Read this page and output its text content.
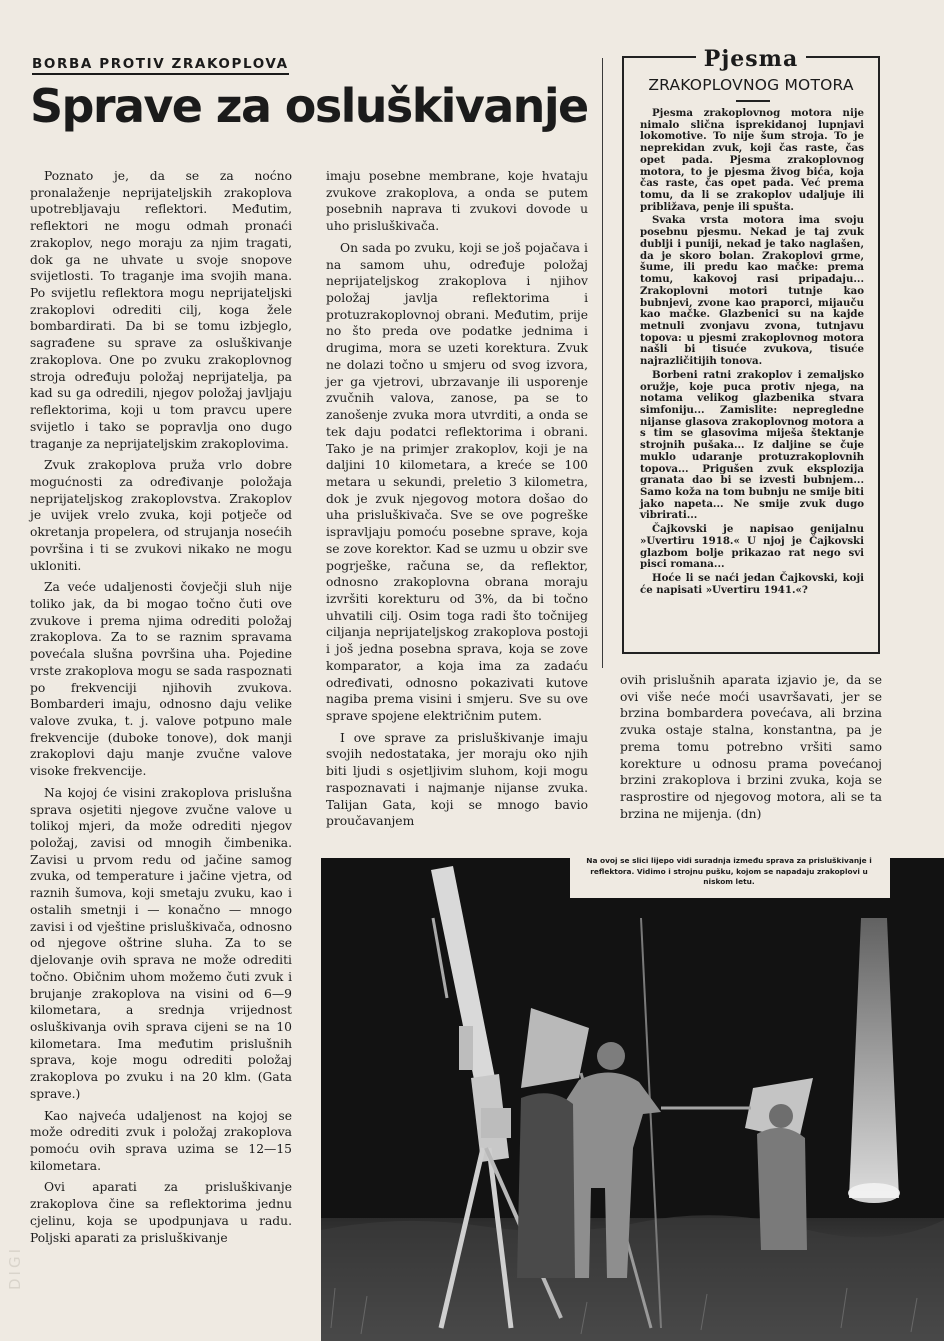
BORBA PROTIV ZRAKOPLOVA
Sprave za osluškivanje

Poznato je, da se za noćno pronalaženje neprijateljskih zrakoplova upotrebljavaju reflektori. Međutim, reflektori ne mogu odmah pronaći zrakoplov, nego moraju za njim tragati, dok ga ne uhvate u svoje snopove svijetlosti. To traganje ima svojih mana. Po svijetlu reflektora mogu neprijateljski zrakoplovi odrediti cilj, koga žele bombardirati. Da bi se tomu izbjeglo, sagrađene su sprave za osluškivanje zrakoplova. One po zvuku zrakoplovnog stroja određuju položaj neprijatelja, pa kad su ga odredili, njegov položaj javljaju reflektorima, koji u tom pravcu upere svijetlo i tako se popravlja ono dugo traganje za neprijateljskim zrakoplovima.

Zvuk zrakoplova pruža vrlo dobre mogućnosti za određivanje položaja neprijateljskog zrakoplovstva. Zrakoplov je uvijek vrelo zvuka, koji potječe od okretanja propelera, od strujanja nosećih površina i ti se zvukovi nikako ne mogu ukloniti.

Za veće udaljenosti čovječji sluh nije toliko jak, da bi mogao točno čuti ove zvukove i prema njima odrediti položaj zrakoplova. Za to se raznim spravama povećala slušna površina uha. Pojedine vrste zrakoplova mogu se sada raspoznati po frekvenciji njihovih zvukova. Bombarderi imaju, odnosno daju velike valove zvuka, t. j. valove potpuno male frekvencije (duboke tonove), dok manji zrakoplovi daju manje zvučne valove visoke frekvencije.

Na kojoj će visini zrakoplova prislušna sprava osjetiti njegove zvučne valove u tolikoj mjeri, da može odrediti njegov položaj, zavisi od mnogih čimbenika. Zavisi u prvom redu od jačine samog zvuka, od temperature i jačine vjetra, od raznih šumova, koji smetaju zvuku, kao i ostalih smetnji i — konačno — mnogo zavisi i od vještine prisluškivača, odnosno od njegove oštrine sluha. Za to se djelovanje ovih sprava ne može odrediti točno. Običnim uhom možemo čuti zvuk i brujanje zrakoplova na visini od 6—9 kilometara, a srednja vrijednost osluškivanja ovih sprava cijeni se na 10 kilometara. Ima međutim prislušnih sprava, koje mogu odrediti položaj zrakoplova po zvuku i na 20 klm. (Gata sprave.)

Kao najveća udaljenost na kojoj se može odrediti zvuk i položaj zrakoplova pomoću ovih sprava uzima se 12—15 kilometara.

Ovi aparati za prisluškivanje zrakoplova čine sa reflektorima jednu cjelinu, koja se upodpunjava u radu. Poljski aparati za prisluškivanje

imaju posebne membrane, koje hvataju zvukove zrakoplova, a onda se putem posebnih naprava ti zvukovi dovode u uho prisluškivača.

On sada po zvuku, koji se još pojačava i na samom uhu, određuje položaj neprijateljskog zrakoplova i njihov položaj javlja reflektorima i protuzrakoplovnoj obrani. Međutim, prije no što preda ove podatke jednima i drugima, mora se uzeti korektura. Zvuk ne dolazi točno u smjeru od svog izvora, jer ga vjetrovi, ubrzavanje ili usporenje zvučnih valova, zanose, pa se to zanošenje zvuka mora utvrditi, a onda se tek daju podatci reflektorima i obrani. Tako je na primjer zrakoplov, koji je na daljini 10 kilometara, a kreće se 100 metara u sekundi, preletio 3 kilometra, dok je zvuk njegovog motora došao do uha prisluškivača. Sve se ove pogreške ispravljaju pomoću posebne sprave, koja se zove korektor. Kad se uzmu u obzir sve pogrješke, računa se, da reflektor, odnosno zrakoplovna obrana moraju izvršiti korekturu od 3%, da bi točno uhvatili cilj. Osim toga radi što točnijeg ciljanja neprijateljskog zrakoplova postoji i još jedna posebna sprava, koja se zove komparator, a koja ima za zadaću određivati, odnosno pokazivati kutove nagiba prema visini i smjeru. Sve su ove sprave spojene električnim putem.

I ove sprave za prisluškivanje imaju svojih nedostataka, jer moraju oko njih biti ljudi s osjetljivim sluhom, koji mogu raspoznavati i najmanje nijanse zvuka. Talijan Gata, koji se mnogo bavio proučavanjem

Pjesma
ZRAKOPLOVNOG MOTORA

Pjesma zrakoplovnog motora nije nimalo slična isprekidanoj lupnjavi lokomotive. To nije šum stroja. To je neprekidan zvuk, koji čas raste, čas opet pada. Pjesma zrakoplovnog motora, to je pjesma živog bića, koja čas raste, čas opet pada. Već prema tomu, da li se zrakoplov udaljuje ili približava, penje ili spušta.

Svaka vrsta motora ima svoju posebnu pjesmu. Nekad je taj zvuk dublji i puniji, nekad je tako naglašen, da je skoro bolan. Zrakoplovi grme, šume, ili predu kao mačke: prema tomu, kakovoj rasi pripadaju... Zrakoplovni motori tutnje kao bubnjevi, zvone kao praporci, mijauču kao mačke. Glazbenici su na kajde metnuli zvonjavu zvona, tutnjavu topova: u pjesmi zrakoplovnog motora našli bi tisuće zvukova, tisuće najrazličitijih tonova.

Borbeni ratni zrakoplov i zemaljsko oružje, koje puca protiv njega, na notama velikog glazbenika stvara simfoniju... Zamislite: nepregledne nijanse glasova zrakoplovnog motora a s tim se glasovima miješa štektanje strojnih pušaka... Iz daljine se čuje muklo udaranje protuzrakoplovnih topova... Prigušen zvuk eksplozija granata dao bi se izvesti bubnjem... Samo koža na tom bubnju ne smije biti jako napeta... Ne smije zvuk dugo vibrirati...

Čajkovski je napisao genijalnu »Uvertiru 1918.« U njoj je Čajkovski glazbom bolje prikazao rat nego svi pisci romana...

Hoće li se naći jedan Čajkovski, koji će napisati »Uvertiru 1941.«?

ovih prislušnih aparata izjavio je, da se ovi više neće moći usavršavati, jer se brzina bombardera povećava, ali brzina zvuka ostaje stalna, konstantna, pa je prema tomu potrebno vršiti samo korekture u odnosu prama povećanoj brzini zrakoplova i brzini zvuka, koja se rasprostire od njegovog motora, ali se ta brzina ne mijenja. (dn)

Na ovoj se slici lijepo vidi suradnja između sprava za prisluškivanje i reflektora. Vidimo i strojnu pušku, kojom se napadaju zrakoplovi u niskom letu.
DIGI
